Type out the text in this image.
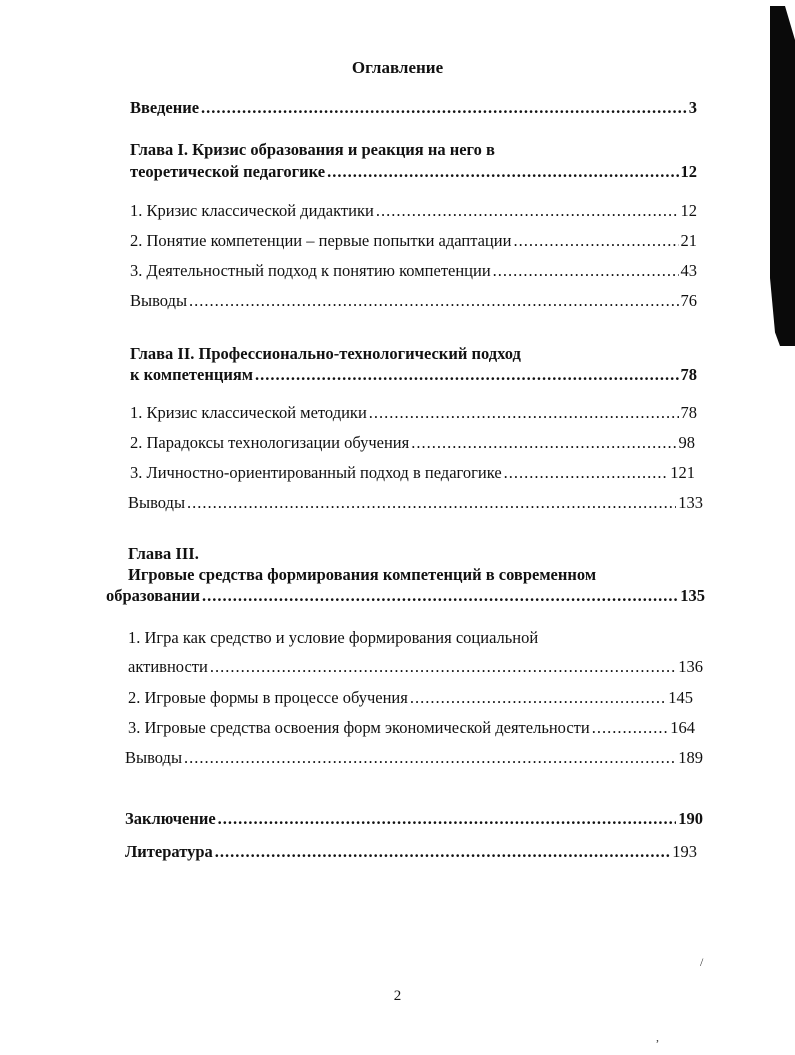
Оглавление
Введение .....	3
Глава I. Кризис образования и реакция на него в
теоретической педагогике .....	12
1. Кризис классической дидактики .....	12
2. Понятие компетенции – первые попытки адаптации .....	21
3. Деятельностный подход к понятию компетенции .....	43
Выводы .....	76
Глава II. Профессионально-технологический подход
к компетенциям .....	78
1. Кризис классической методики .....	78
2. Парадоксы технологизации обучения .....	98
3. Личностно-ориентированный подход в педагогике .....	121
Выводы .....	133
Глава III.
Игровые средства формирования компетенций в современном
образовании .....	135
1. Игра как средство и условие формирования социальной
активности .....	136
2. Игровые формы в процессе обучения .....	145
3. Игровые средства освоения форм экономической деятельности .....	164
Выводы .....	189
Заключение .....	190
Литература .....	193
/
,
2
